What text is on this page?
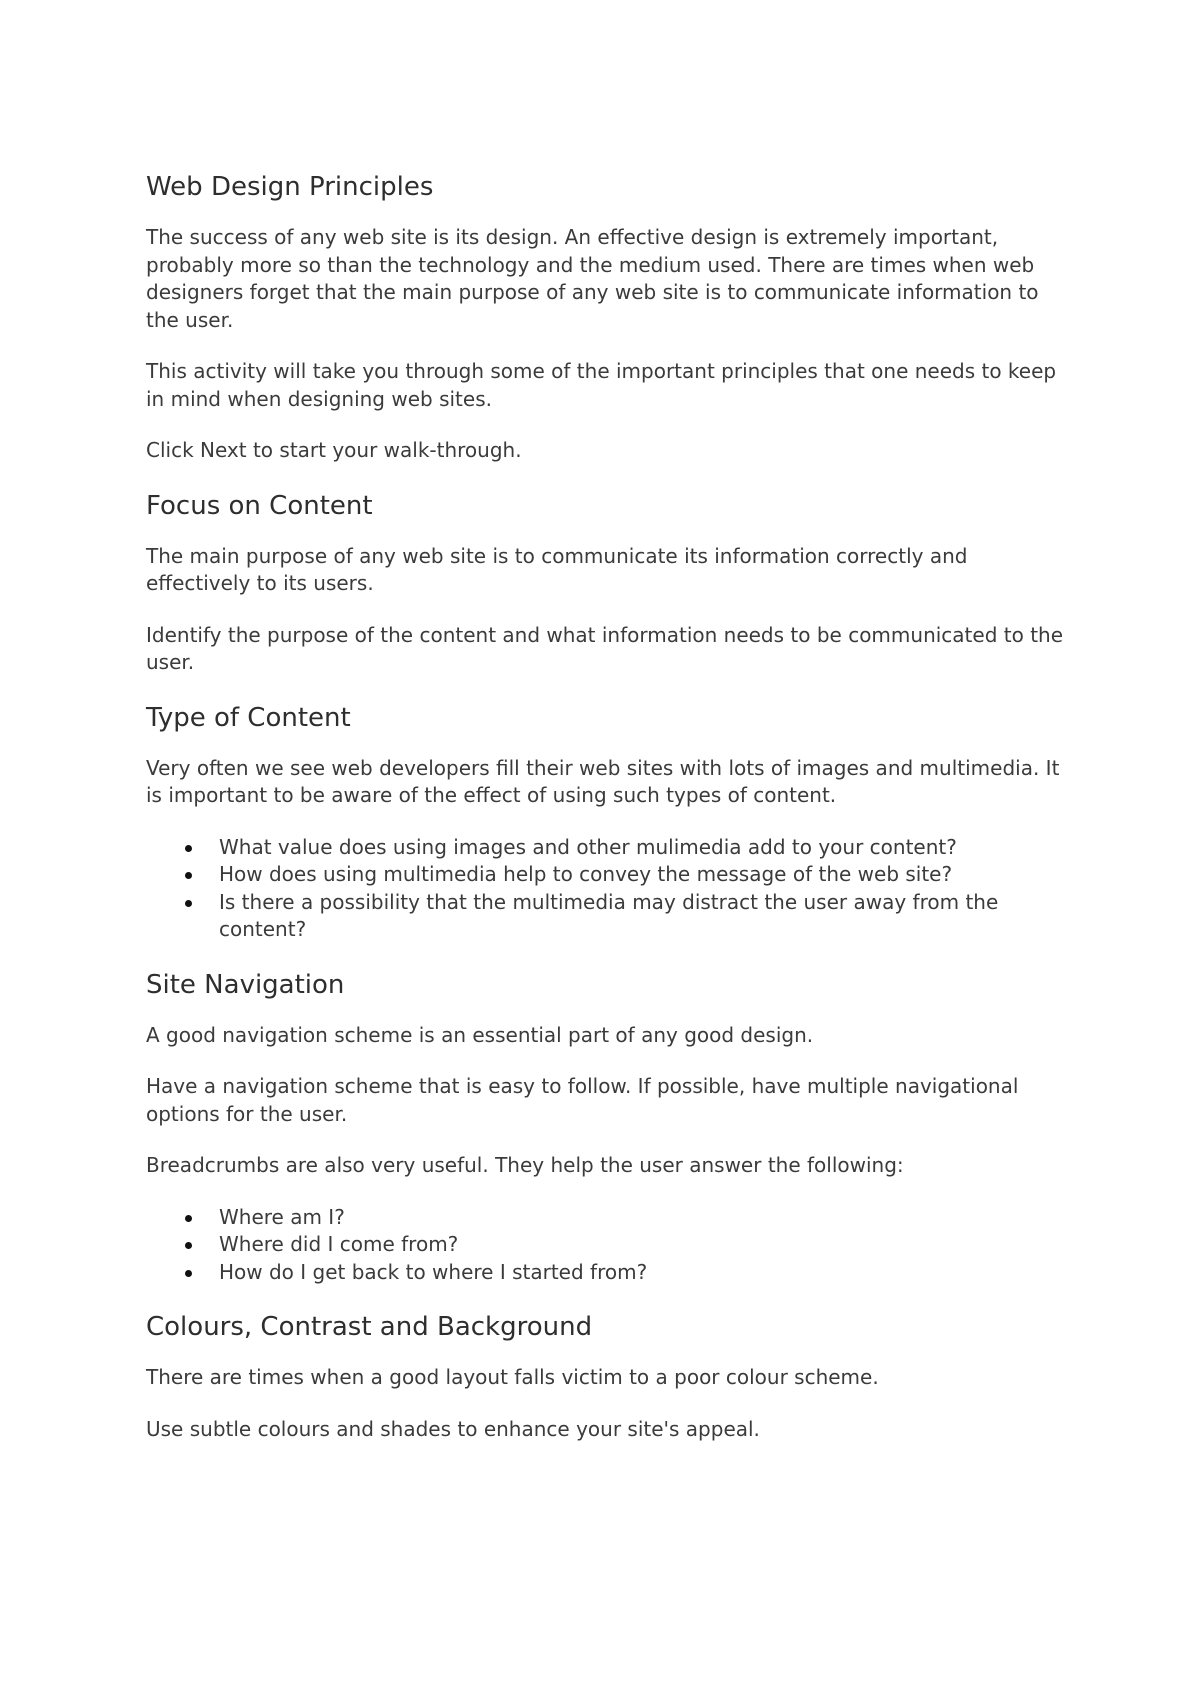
Web Design Principles

The success of any web site is its design. An effective design is extremely important, probably more so than the technology and the medium used. There are times when web designers forget that the main purpose of any web site is to communicate information to the user.

This activity will take you through some of the important principles that one needs to keep in mind when designing web sites.

Click Next to start your walk-through.

Focus on Content

The main purpose of any web site is to communicate its information correctly and effectively to its users.

Identify the purpose of the content and what information needs to be communicated to the user.

Type of Content

Very often we see web developers fill their web sites with lots of images and multimedia. It is important to be aware of the effect of using such types of content.

What value does using images and other mulimedia add to your content?
How does using multimedia help to convey the message of the web site?
Is there a possibility that the multimedia may distract the user away from the content?
Site Navigation

A good navigation scheme is an essential part of any good design.

Have a navigation scheme that is easy to follow. If possible, have multiple navigational options for the user.

Breadcrumbs are also very useful. They help the user answer the following:

Where am I?
Where did I come from?
How do I get back to where I started from?
Colours, Contrast and Background

There are times when a good layout falls victim to a poor colour scheme.

Use subtle colours and shades to enhance your site's appeal.
